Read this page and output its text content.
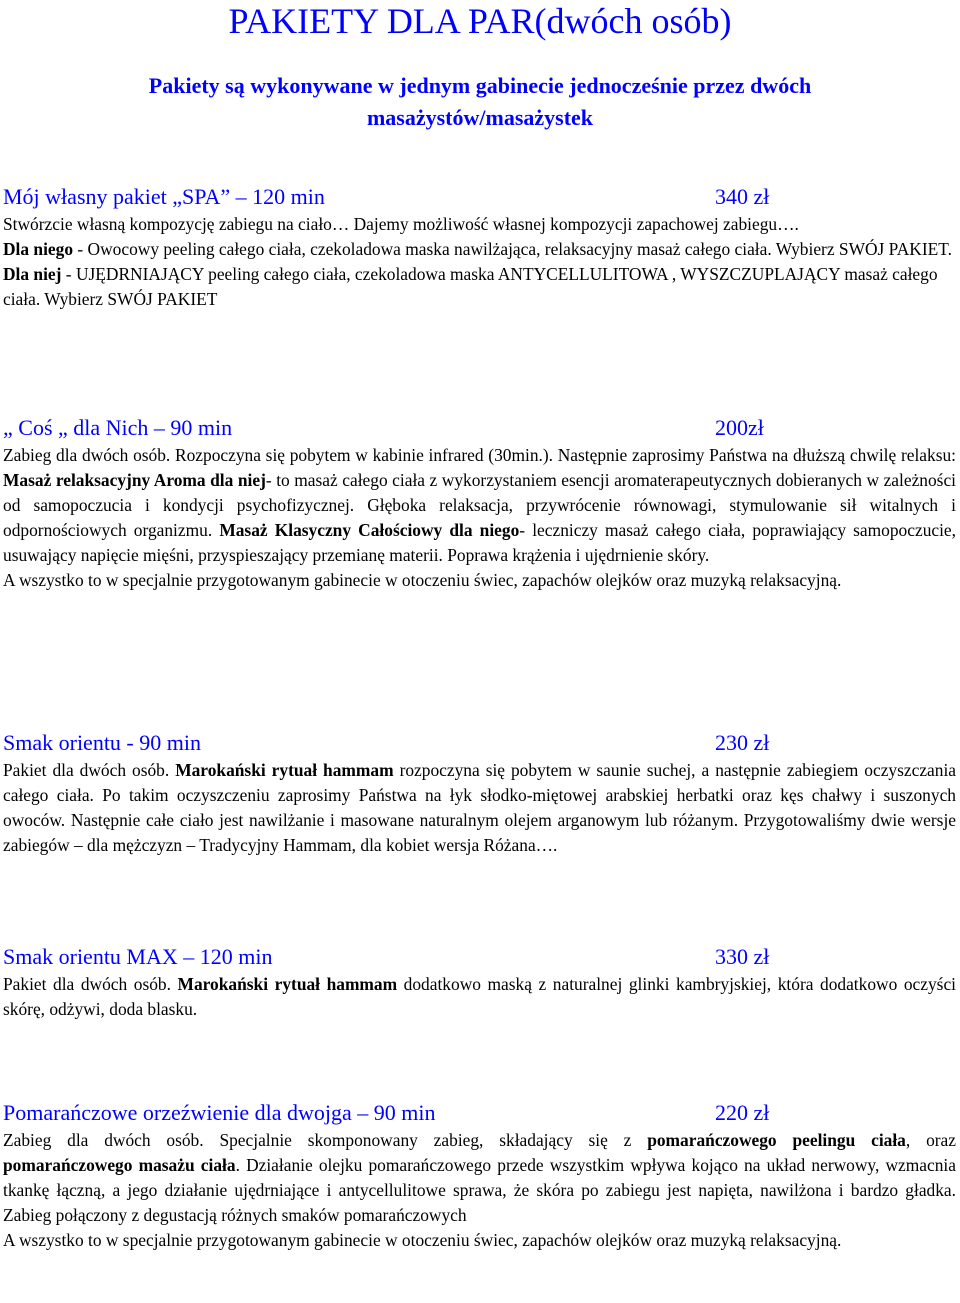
PAKIETY DLA PAR(dwóch osób)
Pakiety są wykonywane w jednym gabinecie jednocześnie przez dwóch masażystów/masażystek
Mój własny pakiet „SPA” – 120 min	340 zł

Stwórzcie własną kompozycję zabiegu na ciało… Dajemy możliwość własnej kompozycji zapachowej zabiegu….

Dla niego - Owocowy peeling całego ciała, czekoladowa maska nawilżająca, relaksacyjny masaż całego ciała. Wybierz SWÓJ PAKIET.

Dla niej - UJĘDRNIAJĄCY peeling całego ciała, czekoladowa maska ANTYCELLULITOWA , WYSZCZUPLAJĄCY masaż całego ciała. Wybierz SWÓJ PAKIET

„ Coś „ dla Nich – 90 min	200zł

Zabieg dla dwóch osób. Rozpoczyna się pobytem w kabinie infrared (30min.). Następnie zaprosimy Państwa na dłuższą chwilę relaksu: Masaż relaksacyjny Aroma dla niej- to masaż całego ciała z wykorzystaniem esencji aromaterapeutycznych dobieranych w zależności od samopoczucia i kondycji psychofizycznej. Głęboka relaksacja, przywrócenie równowagi, stymulowanie sił witalnych i odpornościowych organizmu. Masaż Klasyczny Całościowy dla niego- leczniczy masaż całego ciała, poprawiający samopoczucie, usuwający napięcie mięśni, przyspieszający przemianę materii. Poprawa krążenia i ujędrnienie skóry.

A wszystko to w specjalnie przygotowanym gabinecie w otoczeniu świec, zapachów olejków oraz muzyką relaksacyjną.

Smak orientu - 90 min	230 zł

Pakiet dla dwóch osób. Marokański rytuał hammam rozpoczyna się pobytem w saunie suchej, a następnie zabiegiem oczyszczania całego ciała. Po takim oczyszczeniu zaprosimy Państwa na łyk słodko-miętowej arabskiej herbatki oraz kęs chałwy i suszonych owoców. Następnie całe ciało jest nawilżanie i masowane naturalnym olejem arganowym lub różanym. Przygotowaliśmy dwie wersje zabiegów – dla mężczyzn – Tradycyjny Hammam, dla kobiet wersja Różana….

Smak orientu MAX – 120 min	330 zł

Pakiet dla dwóch osób. Marokański rytuał hammam dodatkowo maską z naturalnej glinki kambryjskiej, która dodatkowo oczyści skórę, odżywi, doda blasku.

Pomarańczowe orzeźwienie dla dwojga – 90 min	220 zł

Zabieg dla dwóch osób. Specjalnie skomponowany zabieg, składający się z pomarańczowego peelingu ciała, oraz pomarańczowego masażu ciała. Działanie olejku pomarańczowego przede wszystkim wpływa kojąco na układ nerwowy, wzmacnia tkankę łączną, a jego działanie ujędrniające i antycellulitowe sprawa, że skóra po zabiegu jest napięta, nawilżona i bardzo gładka. Zabieg połączony z degustacją różnych smaków pomarańczowych

A wszystko to w specjalnie przygotowanym gabinecie w otoczeniu świec, zapachów olejków oraz muzyką relaksacyjną.
